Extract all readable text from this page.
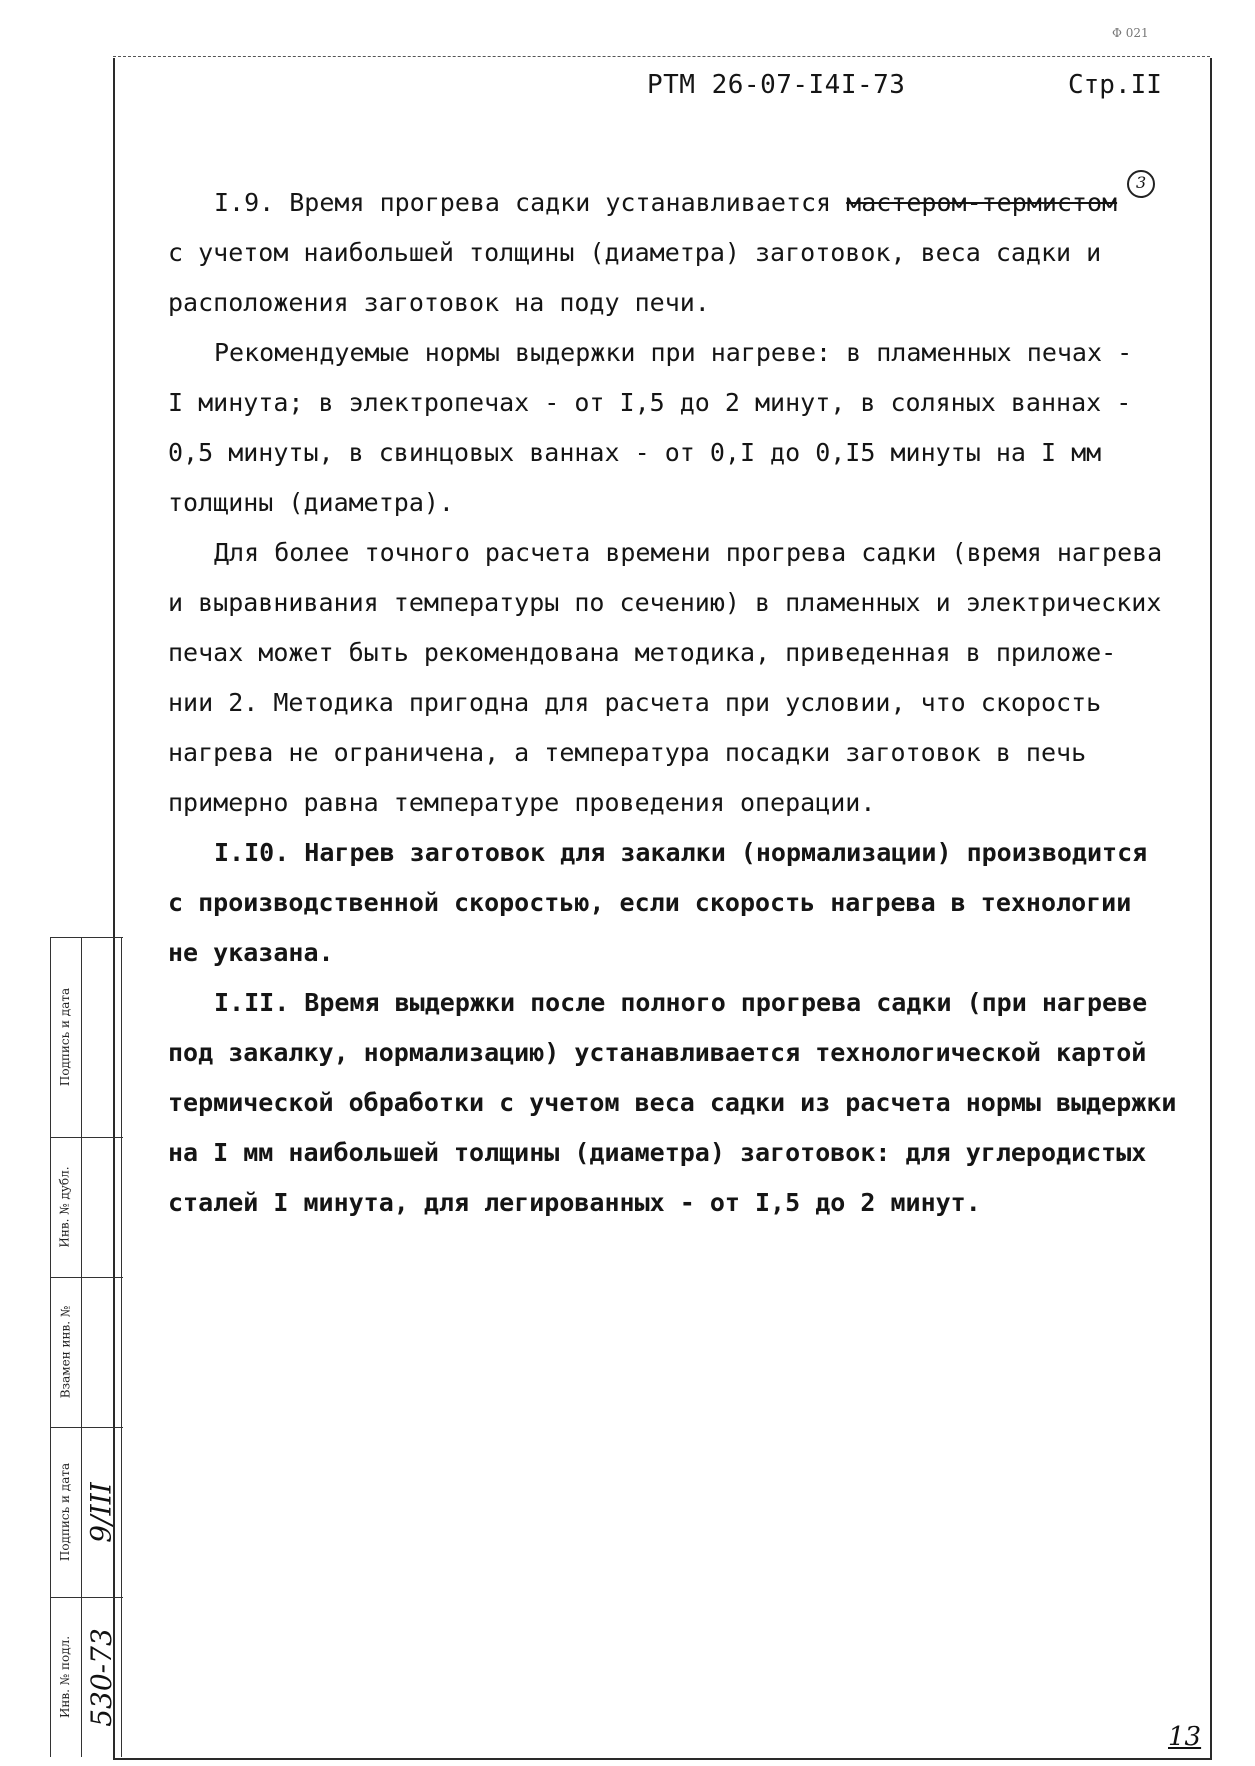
Ф 021
РТМ 26-07-I4I-73	Стр.II
I.9. Время прогрева садки устанавливается мастером-термистом3
с учетом наибольшей толщины (диаметра) заготовок, веса садки и
расположения заготовок на поду печи.
Рекомендуемые нормы выдержки при нагреве: в пламенных печах -
I минута; в электропечах - от I,5 до 2 минут, в соляных ваннах -
0,5 минуты, в свинцовых ваннах - от 0,I до 0,I5 минуты на I мм
толщины (диаметра).
Для более точного расчета времени прогрева садки (время нагрева
и выравнивания температуры по сечению) в пламенных и электрических
печах может быть рекомендована методика, приведенная в приложе-
нии 2. Методика пригодна для расчета при условии, что скорость
нагрева не ограничена, а температура посадки заготовок в печь
примерно равна температуре проведения операции.
I.I0. Нагрев заготовок для закалки (нормализации) производится
с производственной скоростью, если скорость нагрева в технологии
не указана.
I.II. Время выдержки после полного прогрева садки (при нагреве
под закалку, нормализацию) устанавливается технологической картой
термической обработки с учетом веса садки из расчета нормы выдержки
на I мм наибольшей толщины (диаметра) заготовок: для углеродистых
сталей I минута, для легированных - от I,5 до 2 минут.
Подпись и дата
Инв. № дубл.
Взамен инв. №
Подпись и дата
Инв. № подл.
9/III
530-73
13
